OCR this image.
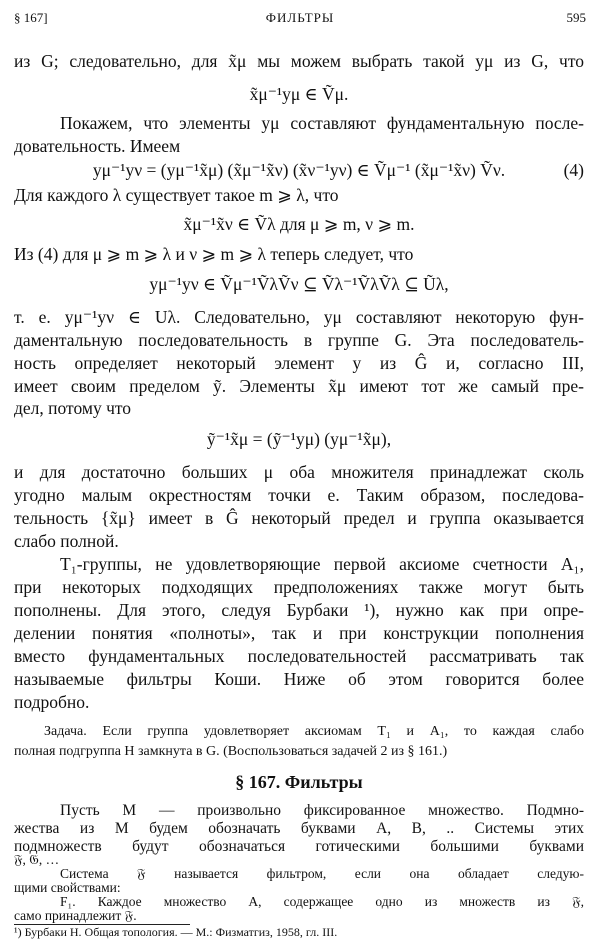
§ 167]	ФИЛЬТРЫ	595
из G; следовательно, для x̃μ мы можем выбрать такой yμ из G, что
x̃μ⁻¹yμ ∈ Ṽμ.
Покажем, что элементы yμ составляют фундаментальную после-
довательность. Имеем
yμ⁻¹yν = (yμ⁻¹x̃μ) (x̃μ⁻¹x̃ν) (x̃ν⁻¹yν) ∈ Ṽμ⁻¹ (x̃μ⁻¹x̃ν) Ṽν.	(4)
Для каждого λ существует такое m ⩾ λ, что
x̃μ⁻¹x̃ν ∈ Ṽλ для μ ⩾ m, ν ⩾ m.
Из (4) для μ ⩾ m ⩾ λ и ν ⩾ m ⩾ λ теперь следует, что
yμ⁻¹yν ∈ Ṽμ⁻¹ṼλṼν ⊆ Ṽλ⁻¹ṼλṼλ ⊆ Ũλ,
т. е. yμ⁻¹yν ∈ Uλ. Следовательно, yμ составляют некоторую фун-
даментальную последовательность в группе G. Эта последователь-
ность определяет некоторый элемент y из Ĝ и, согласно III,
имеет своим пределом ỹ. Элементы x̃μ имеют тот же самый пре-
дел, потому что
ỹ⁻¹x̃μ = (ỹ⁻¹yμ) (yμ⁻¹x̃μ),
и для достаточно больших μ оба множителя принадлежат сколь
угодно малым окрестностям точки e. Таким образом, последова-
тельность {x̃μ} имеет в Ĝ некоторый предел и группа оказывается
слабо полной.
T₁-группы, не удовлетворяющие первой аксиоме счетности A₁,
при некоторых подходящих предположениях также могут быть
пополнены. Для этого, следуя Бурбаки ¹), нужно как при опре-
делении понятия «полноты», так и при конструкции пополнения
вместо фундаментальных последовательностей рассматривать так
называемые фильтры Коши. Ниже об этом говорится более
подробно.
Задача. Если группа удовлетворяет аксиомам T₁ и A₁, то каждая слабо
полная подгруппа H замкнута в G. (Воспользоваться задачей 2 из § 161.)
§ 167. Фильтры
Пусть M — произвольно фиксированное множество. Подмно-
жества из M будем обозначать буквами A, B, .. Системы этих
подмножеств будут обозначаться готическими большими буквами
¹) Бурбаки Н. Общая топология. — М.: Физматгиз, 1958, гл. III.
𝔉, 𝔊, …
Система 𝔉 называется фильтром, если она обладает следую-
щими свойствами:
F₁. Каждое множество A, содержащее одно из множеств из 𝔉,
само принадлежит 𝔉.
